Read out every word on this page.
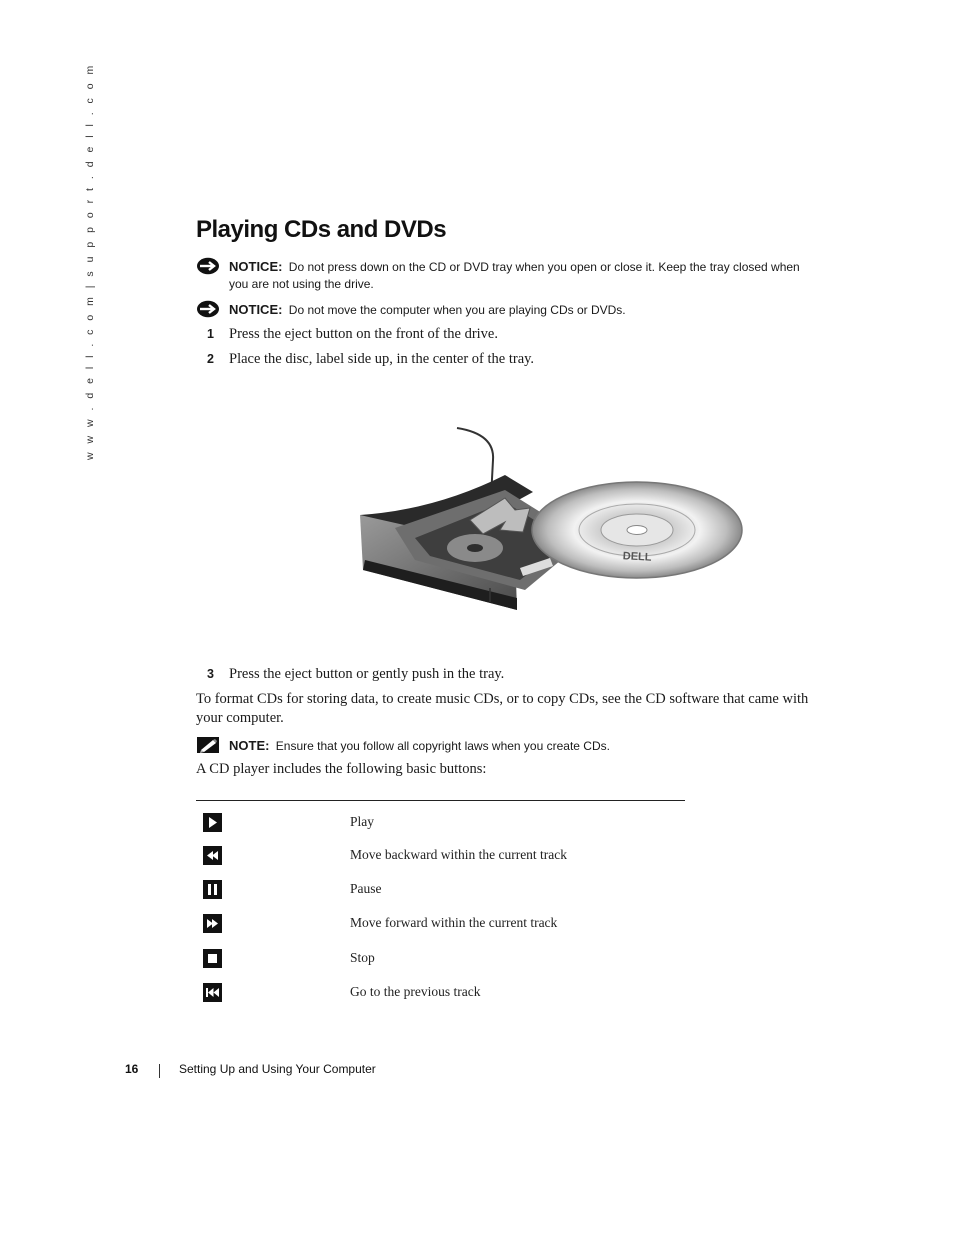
w w w . d e l l . c o m | s u p p o r t . d e l l . c o m	Playing CDs and DVDs
NOTICE: Do not press down on the CD or DVD tray when you open or close it. Keep the tray closed when you are not using the drive.
NOTICE: Do not move the computer when you are playing CDs or DVDs.
1 Press the eject button on the front of the drive.
2 Place the disc, label side up, in the center of the tray.
DELL
3 Press the eject button or gently push in the tray.
To format CDs for storing data, to create music CDs, or to copy CDs, see the CD software that came with your computer.
NOTE: Ensure that you follow all copyright laws when you create CDs.
A CD player includes the following basic buttons:
Play
Move backward within the current track
Pause
Move forward within the current track
Stop
Go to the previous track
16	Setting Up and Using Your Computer
